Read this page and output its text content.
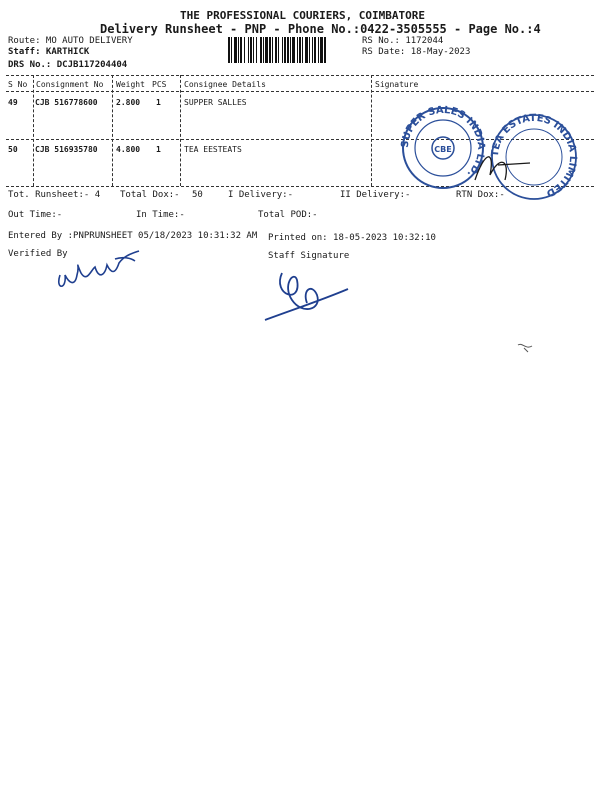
THE PROFESSIONAL COURIERS, COIMBATORE
Delivery Runsheet - PNP - Phone No.:0422-3505555 - Page No.:4
Route: MO AUTO DELIVERY
Staff: KARTHICK
DRS No.: DCJB117204404
RS No.: 1172044
RS Date: 18-May-2023
S No Consignment No Weight PCS Consignee Details	Signature
49 CJB 516778600 2.800 1	SUPPER SALLES
50 CJB 516935780 4.800 1	TEA EESTEATS
SUPER SALES INDIA LTD.
CBE	TEA ESTATES INDIA LIMITED
Tot. Runsheet:- 4 Total Dox:- 50	I Delivery:-	II Delivery:-	RTN Dox:-
Out Time:-	In Time:-	Total POD:-
Entered By :PNPRUNSHEET 05/18/2023 10:31:32 AM Printed on: 18-05-2023 10:32:10
Verified By	Staff Signature
